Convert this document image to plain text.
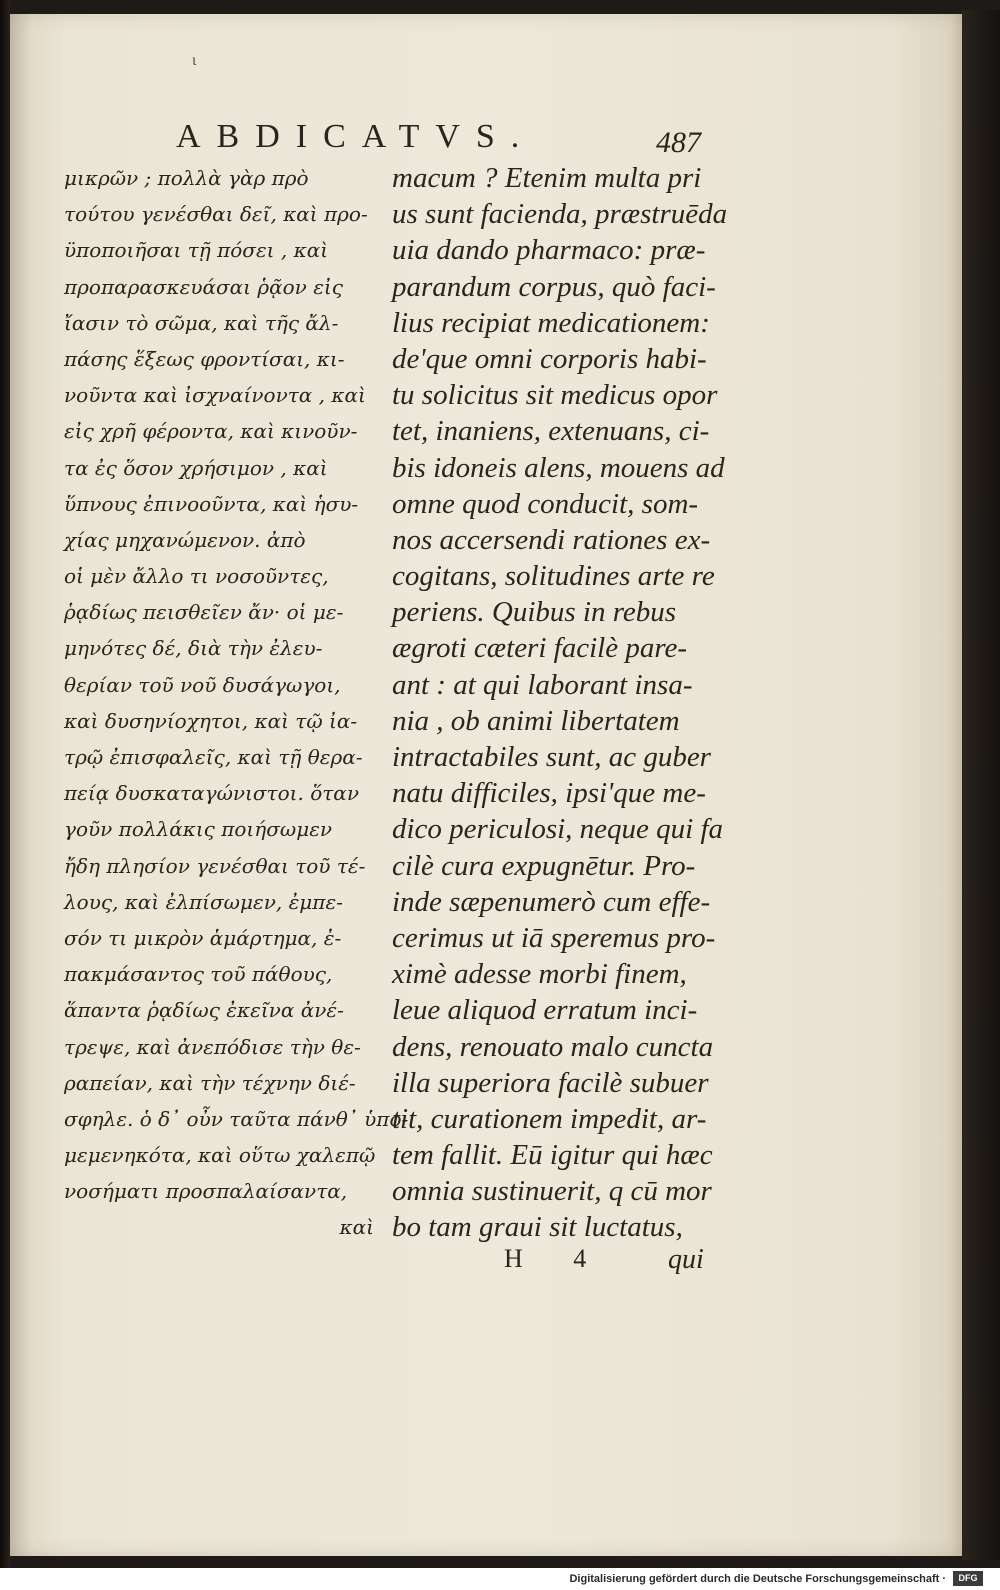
ι
ABDICATVS.	487
μικρῶν ; πολλὰ γὰρ πρὸ
τούτου γενέσθαι δεῖ, καὶ προ-
ϋποποιῆσαι τῇ πόσει , καὶ
προπαρασκευάσαι ῥᾷον εἰς
ἴασιν τὸ σῶμα, καὶ τῆς ἄλ-
πάσης ἕξεως φροντίσαι, κι-
νοῦντα καὶ ἰσχναίνοντα , καὶ
εἰς χρῆ φέροντα, καὶ κινοῦν-
τα ἐς ὅσον χρήσιμον , καὶ
ὕπνους ἐπινοοῦντα, καὶ ἡσυ-
χίας μηχανώμενον. ἀπὸ
οἱ μὲν ἄλλο τι νοσοῦντες,
ῥᾳδίως πεισθεῖεν ἄν· οἱ με-
μηνότες δέ, διὰ τὴν ἐλευ-
θερίαν τοῦ νοῦ δυσάγωγοι,
καὶ δυσηνίοχητοι, καὶ τῷ ἰα-
τρῷ ἐπισφαλεῖς, καὶ τῇ θερα-
πείᾳ δυσκαταγώνιστοι. ὅταν
γοῦν πολλάκις ποιήσωμεν
ἤδη πλησίον γενέσθαι τοῦ τέ-
λους, καὶ ἐλπίσωμεν, ἐμπε-
σόν τι μικρὸν ἁμάρτημα, ἐ-
πακμάσαντος τοῦ πάθους,
ἅπαντα ῥᾳδίως ἐκεῖνα ἀνέ-
τρεψε, καὶ ἀνεπόδισε τὴν θε-
ραπείαν, καὶ τὴν τέχνην διέ-
σφηλε. ὁ δ᾽ οὖν ταῦτα πάνθ᾽ ὑπο-
μεμενηκότα, καὶ οὕτω χαλεπῷ
νοσήματι προσπαλαίσαντα,
καὶ
macum ? Etenim multa pri
us sunt facienda, præstruēda
uia dando pharmaco: præ-
parandum corpus, quò faci-
lius recipiat medicationem:
de'que omni corporis habi-
tu solicitus sit medicus opor
tet, inaniens, extenuans, ci-
bis idoneis alens, mouens ad
omne quod conducit, som-
nos accersendi rationes ex-
cogitans, solitudines arte re
periens. Quibus in rebus
ægroti cæteri facilè pare-
ant : at qui laborant insa-
nia , ob animi libertatem
intractabiles sunt, ac guber
natu difficiles, ipsi'que me-
dico periculosi, neque qui fa
cilè cura expugnētur. Pro-
inde sæpenumerò cum effe-
cerimus ut iā speremus pro-
ximè adesse morbi finem,
leue aliquod erratum inci-
dens, renouato malo cuncta
illa superiora facilè subuer
tit, curationem impedit, ar-
tem fallit. Eū igitur qui hæc
omnia sustinuerit, q cū mor
bo tam graui sit luctatus,
H 4 qui
Digitalisierung gefördert durch die Deutsche Forschungsgemeinschaft ·	DFG
